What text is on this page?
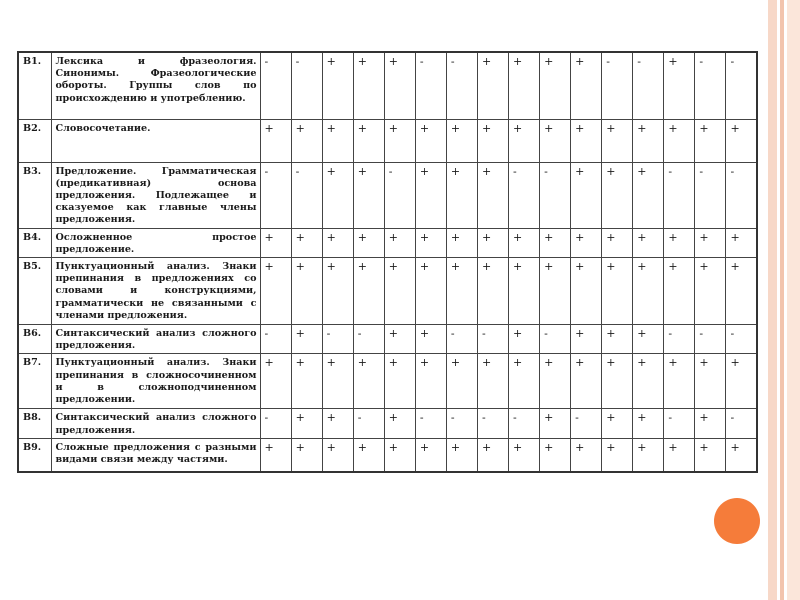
В1.	Лексика и фразеология. Синонимы. Фразеологические обороты. Группы слов по происхождению и употреблению.	-	-	+	+	+	-	-	+	+	+	+	-	-	+	-	-
В2.	Словосочетание.	+	+	+	+	+	+	+	+	+	+	+	+	+	+	+	+
В3.	Предложение. Грамматическая (предикативная) основа предложения. Подлежащее и сказуемое как главные члены предложения.	-	-	+	+	-	+	+	+	-	-	+	+	+	-	-	-
В4.	Осложненное простое предложение.	+	+	+	+	+	+	+	+	+	+	+	+	+	+	+	+
В5.	Пунктуационный анализ. Знаки препинания в предложениях со словами и конструкциями, грамматически не связанными с членами предложения.	+	+	+	+	+	+	+	+	+	+	+	+	+	+	+	+
В6.	Синтаксический анализ сложного предложения.	-	+	-	-	+	+	-	-	+	-	+	+	+	-	-	-
В7.	Пунктуационный анализ. Знаки препинания в сложносочиненном и в сложноподчиненном предложении.	+	+	+	+	+	+	+	+	+	+	+	+	+	+	+	+
В8.	Синтаксический анализ сложного предложения.	-	+	+	-	+	-	-	-	-	+	-	+	+	-	+	-
В9.	Сложные предложения с разными видами связи между частями.	+	+	+	+	+	+	+	+	+	+	+	+	+	+	+	+
